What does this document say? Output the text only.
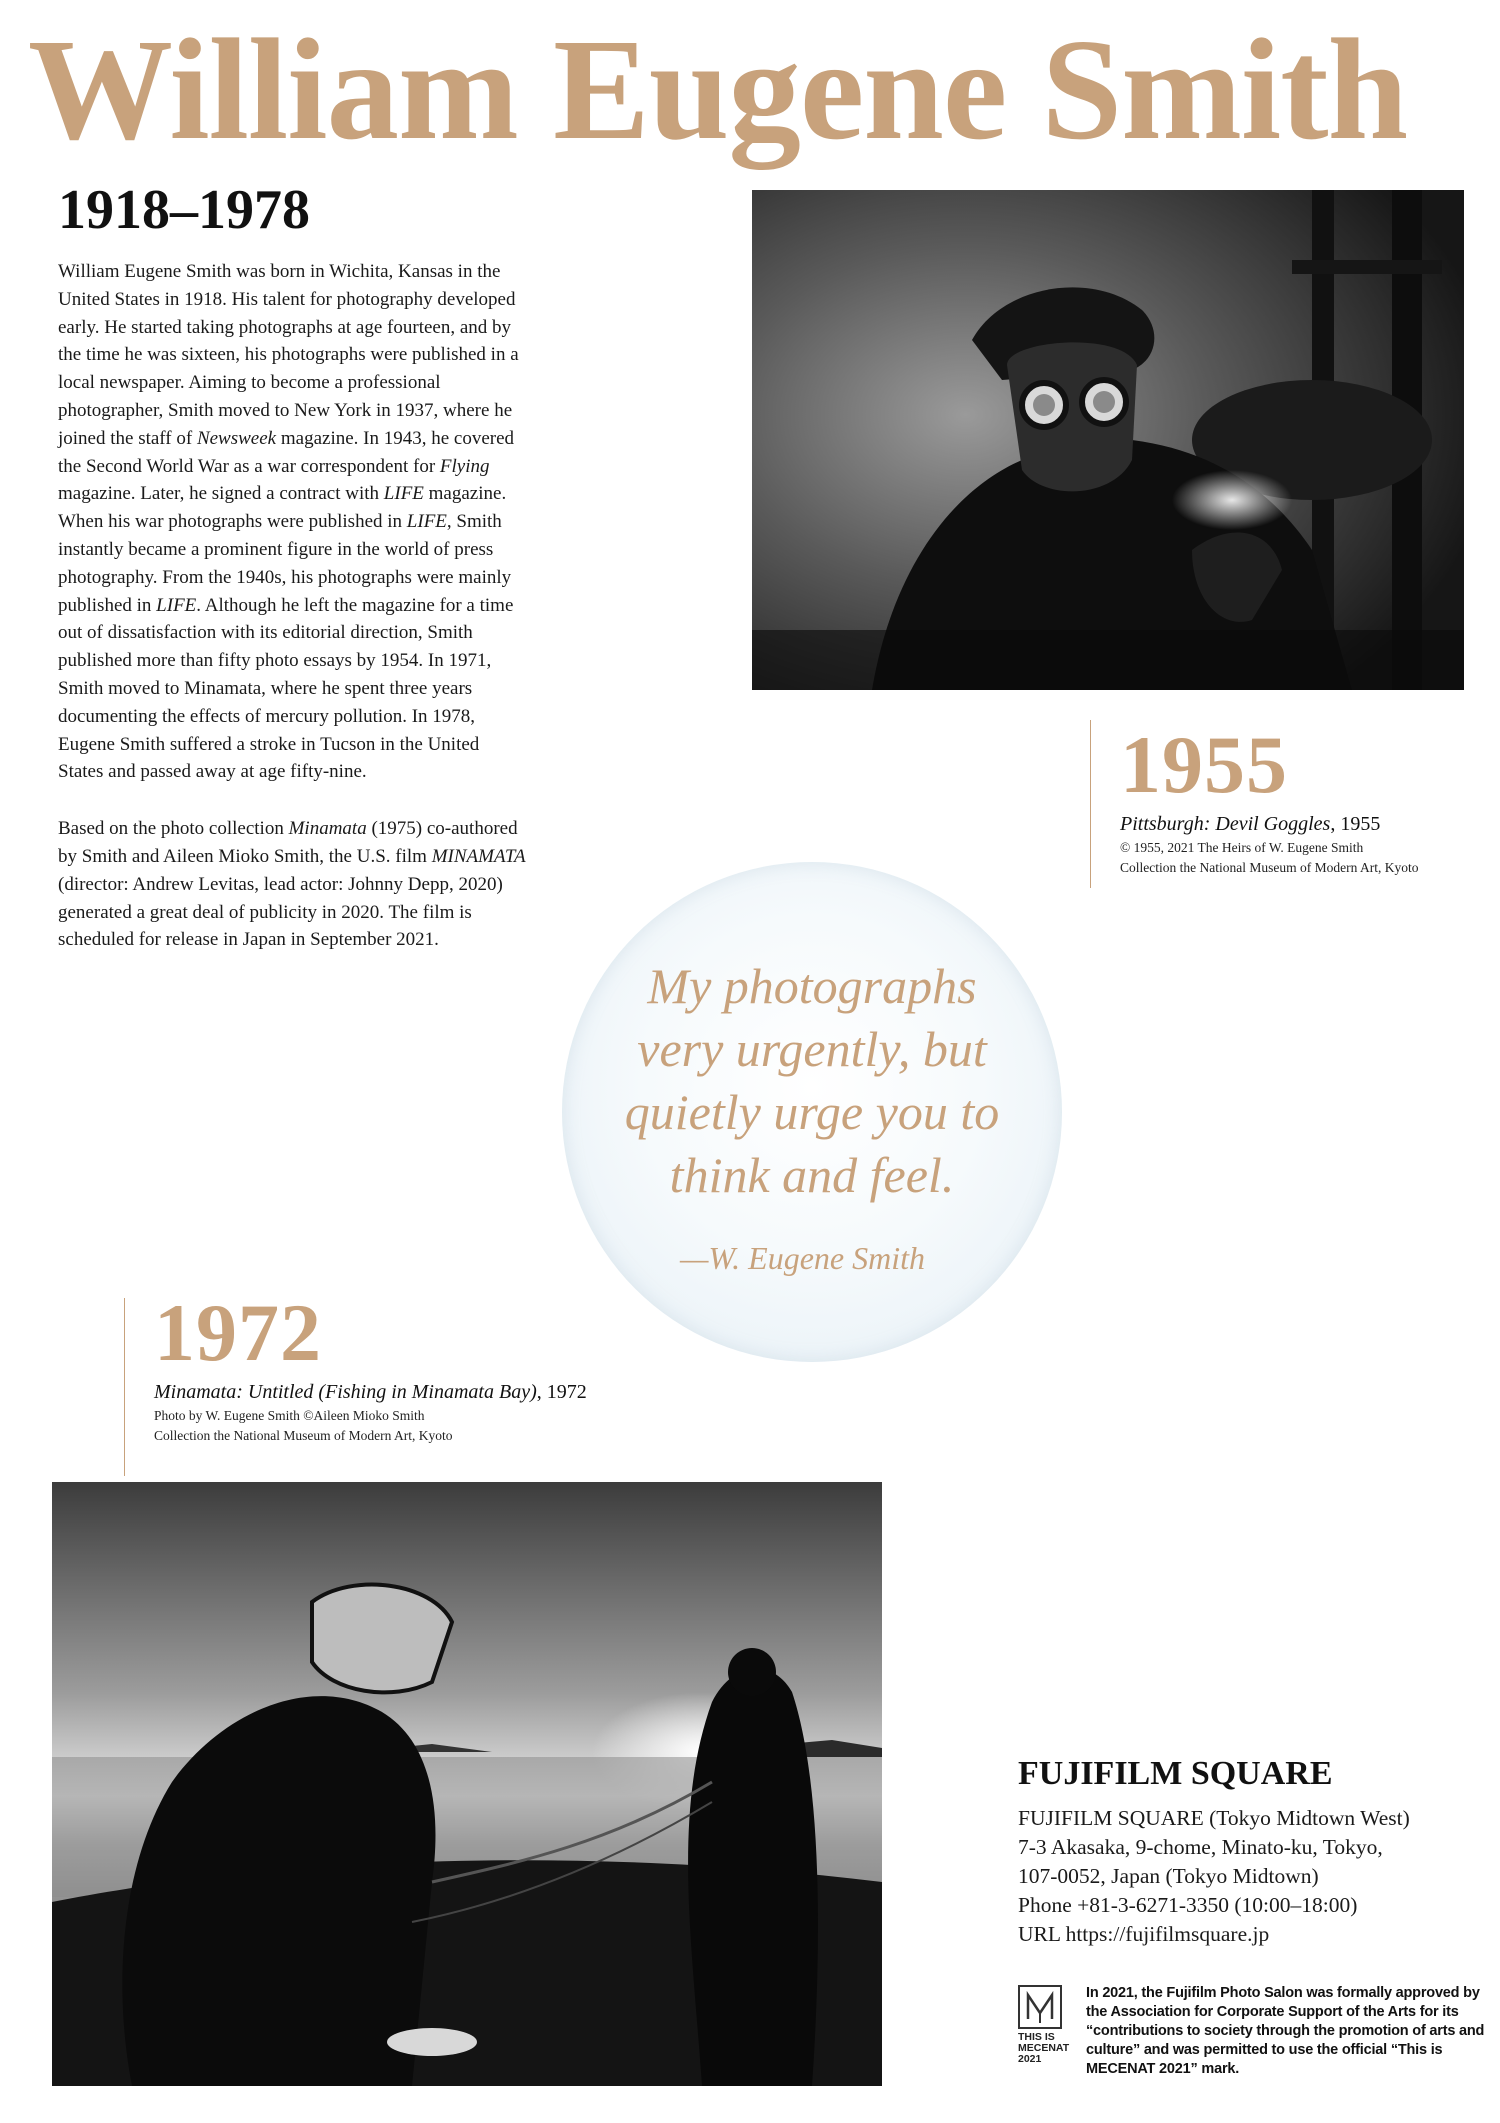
William Eugene Smith
1918–1978

William Eugene Smith was born in Wichita, Kansas in the United States in 1918. His talent for photography developed early. He started taking photographs at age fourteen, and by the time he was sixteen, his photographs were published in a local newspaper. Aiming to become a professional photographer, Smith moved to New York in 1937, where he joined the staff of Newsweek magazine. In 1943, he covered the Second World War as a war correspondent for Flying magazine. Later, he signed a contract with LIFE magazine. When his war photographs were published in LIFE, Smith instantly became a prominent figure in the world of press photography. From the 1940s, his photographs were mainly published in LIFE. Although he left the magazine for a time out of dissatisfaction with its editorial direction, Smith published more than fifty photo essays by 1954. In 1971, Smith moved to Minamata, where he spent three years documenting the effects of mercury pollution. In 1978, Eugene Smith suffered a stroke in Tucson in the United States and passed away at age fifty-nine.

Based on the photo collection Minamata (1975) co-authored by Smith and Aileen Mioko Smith, the U.S. film MINAMATA (director: Andrew Levitas, lead actor: Johnny Depp, 2020) generated a great deal of publicity in 2020. The film is scheduled for release in Japan in September 2021.

1955
Pittsburgh: Devil Goggles, 1955
© 1955, 2021 The Heirs of W. Eugene Smith
Collection the National Museum of Modern Art, Kyoto
My photographs
very urgently, but
quietly urge you to
think and feel.
—W. Eugene Smith
1972
Minamata: Untitled (Fishing in Minamata Bay), 1972
Photo by W. Eugene Smith ©Aileen Mioko Smith
Collection the National Museum of Modern Art, Kyoto
FUJIFILM SQUARE
FUJIFILM SQUARE (Tokyo Midtown West)
7-3 Akasaka, 9-chome, Minato-ku, Tokyo,
107-0052, Japan (Tokyo Midtown)
Phone +81-3-6271-3350 (10:00–18:00)
URL https://fujifilmsquare.jp
THIS IS
MECENAT
2021
In 2021, the Fujifilm Photo Salon was formally approved by the Association for Corporate Support of the Arts for its “contributions to society through the promotion of arts and culture” and was permitted to use the official “This is MECENAT 2021” mark.
